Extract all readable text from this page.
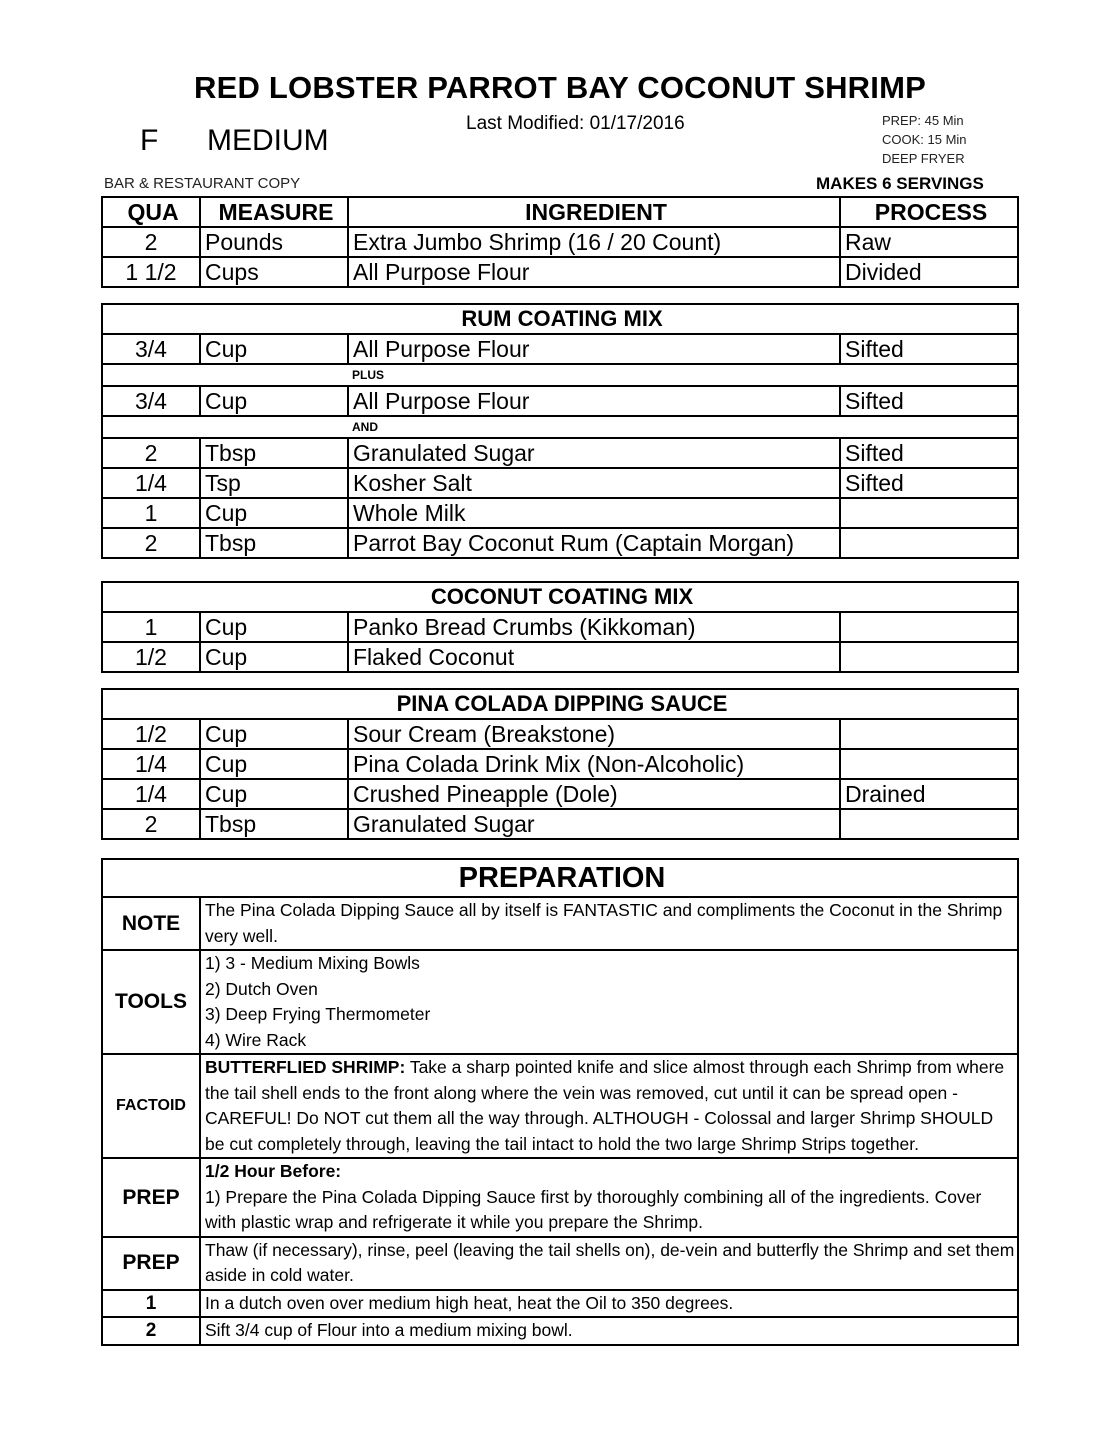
RED LOBSTER PARROT BAY COCONUT SHRIMP
F MEDIUM
Last Modified: 01/17/2016	PREP: 45 Min
COOK: 15 Min
DEEP FRYER
BAR & RESTAURANT COPY	MAKES 6 SERVINGS
QUA	MEASURE	INGREDIENT	PROCESS
2	Pounds	Extra Jumbo Shrimp (16 / 20 Count)	Raw
1 1/2	Cups	All Purpose Flour	Divided
RUM COATING MIX			
3/4	Cup	All Purpose Flour	Sifted
		PLUS	
3/4	Cup	All Purpose Flour	Sifted
		AND	
2	Tbsp	Granulated Sugar	Sifted
1/4	Tsp	Kosher Salt	Sifted
1	Cup	Whole Milk	
2	Tbsp	Parrot Bay Coconut Rum (Captain Morgan)	
COCONUT COATING MIX			
1	Cup	Panko Bread Crumbs (Kikkoman)	
1/2	Cup	Flaked Coconut	
PINA COLADA DIPPING SAUCE			
1/2	Cup	Sour Cream (Breakstone)	
1/4	Cup	Pina Colada Drink Mix (Non-Alcoholic)	
1/4	Cup	Crushed Pineapple (Dole)	Drained
2	Tbsp	Granulated Sugar	
PREPARATION	
NOTE	The Pina Colada Dipping Sauce all by itself is FANTASTIC and compliments the Coconut in the Shrimp very well.
TOOLS	1) 3 - Medium Mixing Bowls
2) Dutch Oven
3) Deep Frying Thermometer
4) Wire Rack

FACTOID	BUTTERFLIED SHRIMP: Take a sharp pointed knife and slice almost through each Shrimp from where the tail shell ends to the front along where the vein was removed, cut until it can be spread open - CAREFUL! Do NOT cut them all the way through. ALTHOUGH - Colossal and larger Shrimp SHOULD be cut completely through, leaving the tail intact to hold the two large Shrimp Strips together.
PREP	1/2 Hour Before:
1) Prepare the Pina Colada Dipping Sauce first by thoroughly combining all of the ingredients. Cover with plastic wrap and refrigerate it while you prepare the Shrimp.

PREP	Thaw (if necessary), rinse, peel (leaving the tail shells on), de-vein and butterfly the Shrimp and set them aside in cold water.
1	In a dutch oven over medium high heat, heat the Oil to 350 degrees.
2	Sift 3/4 cup of Flour into a medium mixing bowl.
